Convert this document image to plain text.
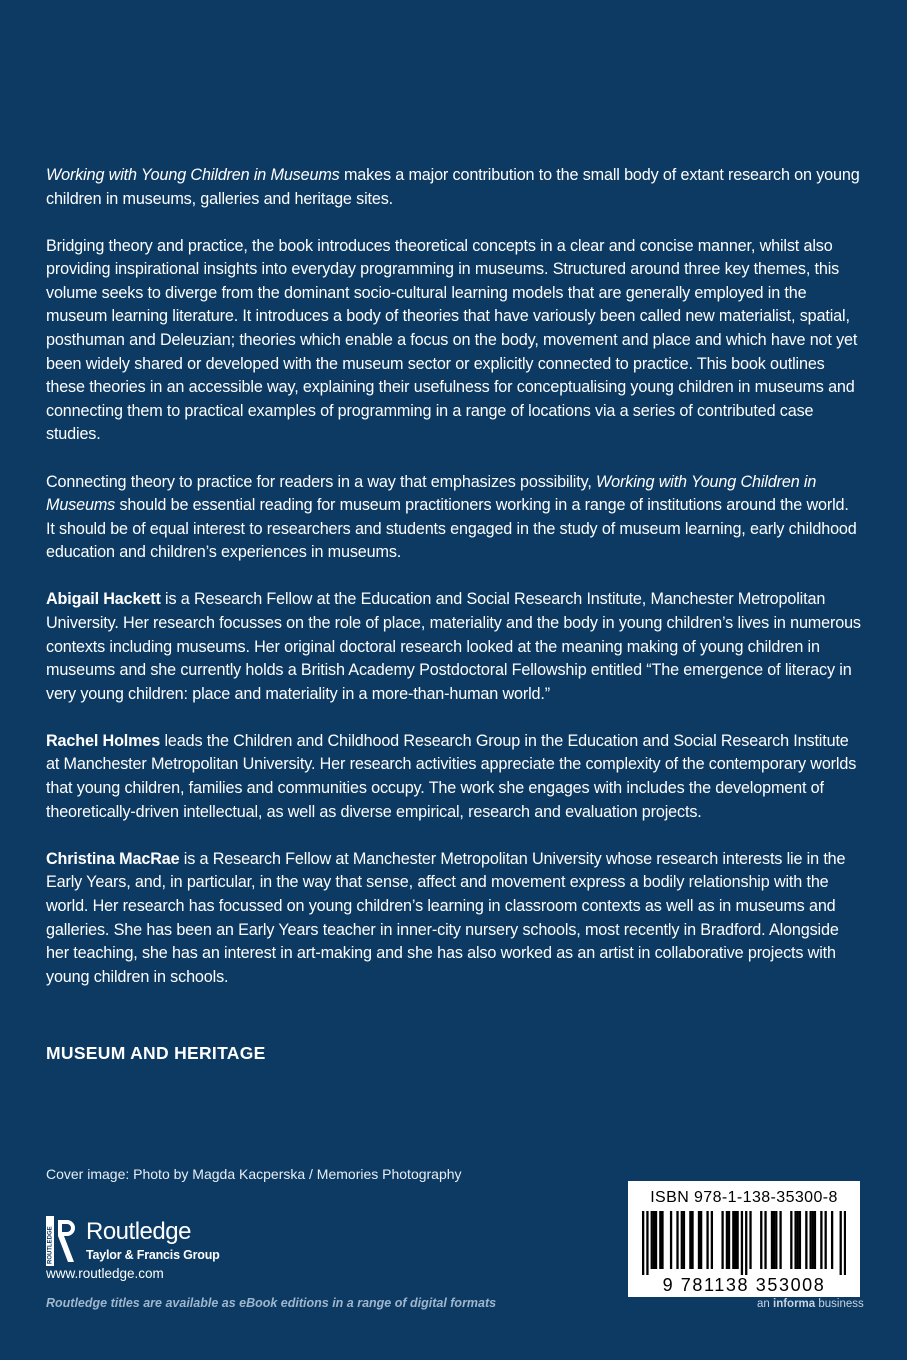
Working with Young Children in Museums makes a major contribution to the small body of extant research on young children in museums, galleries and heritage sites.

Bridging theory and practice, the book introduces theoretical concepts in a clear and concise manner, whilst also providing inspirational insights into everyday programming in museums. Structured around three key themes, this volume seeks to diverge from the dominant socio-cultural learning models that are generally employed in the museum learning literature. It introduces a body of theories that have variously been called new materialist, spatial, posthuman and Deleuzian; theories which enable a focus on the body, movement and place and which have not yet been widely shared or developed with the museum sector or explicitly connected to practice. This book outlines these theories in an accessible way, explaining their usefulness for conceptualising young children in museums and connecting them to practical examples of programming in a range of locations via a series of contributed case studies.

Connecting theory to practice for readers in a way that emphasizes possibility, Working with Young Children in Museums should be essential reading for museum practitioners working in a range of institutions around the world. It should be of equal interest to researchers and students engaged in the study of museum learning, early childhood education and children’s experiences in museums.

Abigail Hackett is a Research Fellow at the Education and Social Research Institute, Manchester Metropolitan University. Her research focusses on the role of place, materiality and the body in young children’s lives in numerous contexts including museums. Her original doctoral research looked at the meaning making of young children in museums and she currently holds a British Academy Postdoctoral Fellowship entitled “The emergence of literacy in very young children: place and materiality in a more-than-human world.”

Rachel Holmes leads the Children and Childhood Research Group in the Education and Social Research Institute at Manchester Metropolitan University. Her research activities appreciate the complexity of the contemporary worlds that young children, families and communities occupy. The work she engages with includes the development of theoretically-driven intellectual, as well as diverse empirical, research and evaluation projects.

Christina MacRae is a Research Fellow at Manchester Metropolitan University whose research interests lie in the Early Years, and, in particular, in the way that sense, affect and movement express a bodily relationship with the world. Her research has focussed on young children’s learning in classroom contexts as well as in museums and galleries. She has been an Early Years teacher in inner-city nursery schools, most recently in Bradford. Alongside her teaching, she has an interest in art-making and she has also worked as an artist in collaborative projects with young children in schools.

MUSEUM AND HERITAGE
Cover image: Photo by Magda Kacperska / Memories Photography
ROUTLEDGE Routledge
Taylor & Francis Group
www.routledge.com
Routledge titles are available as eBook editions in a range of digital formats
ISBN 978-1-138-35300-8
9 781138 353008
an informa business
